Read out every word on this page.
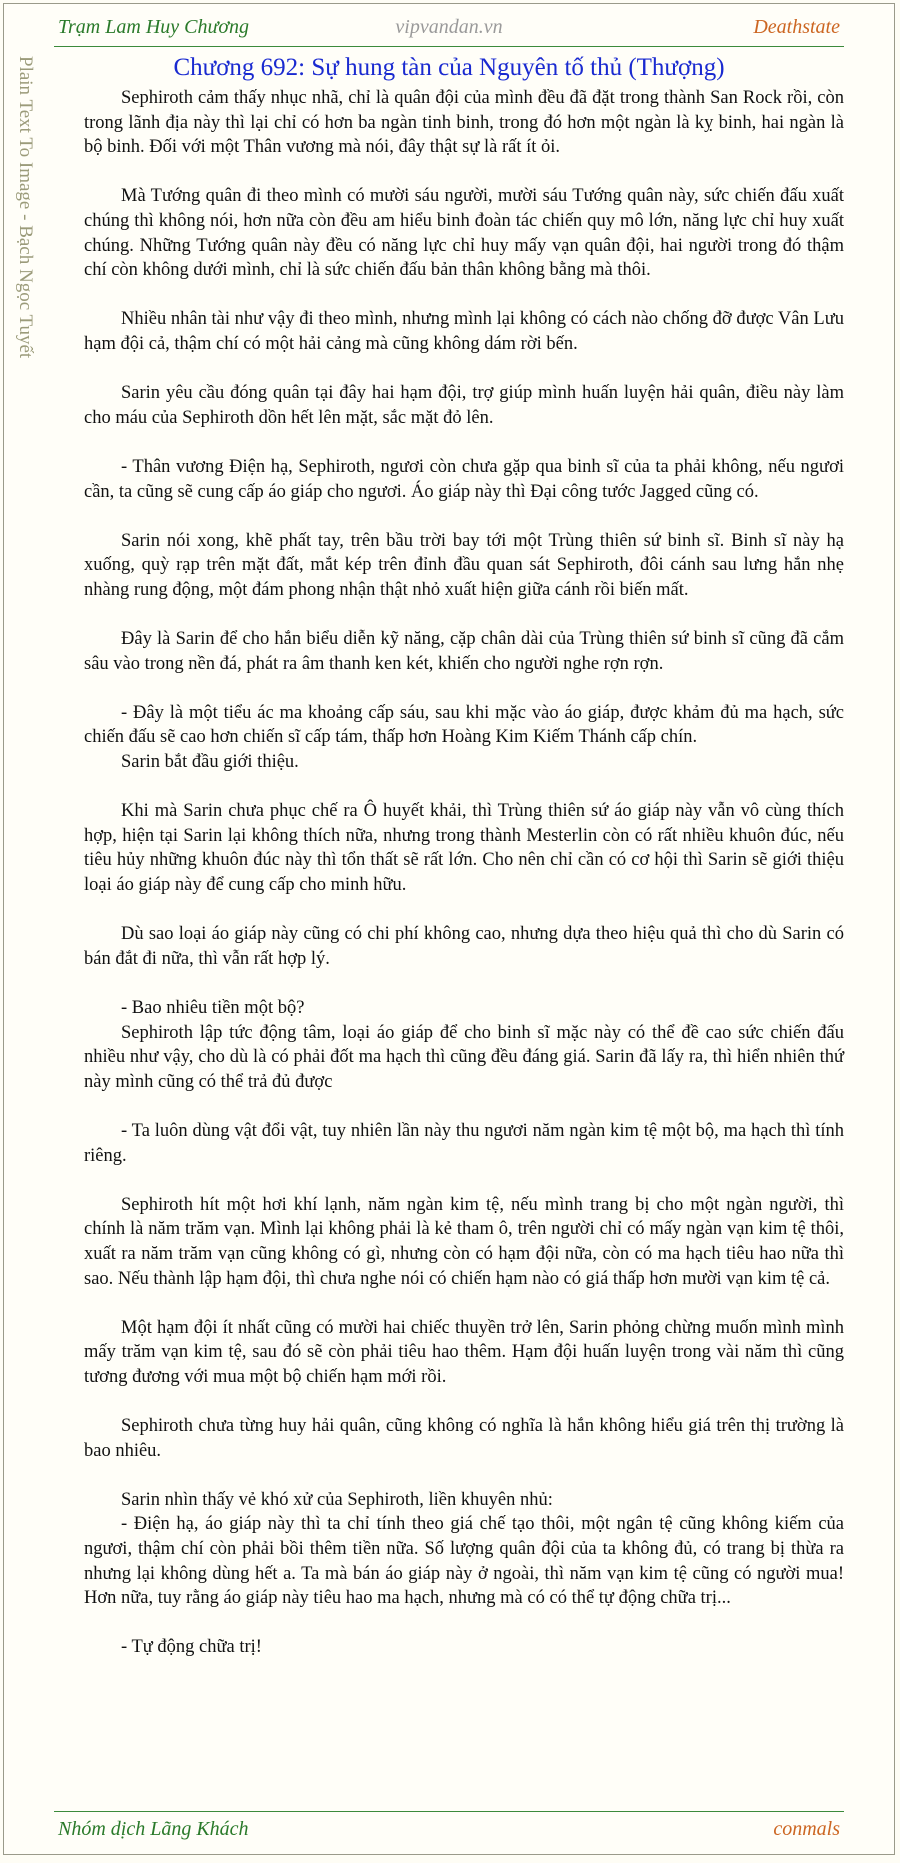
Trạm Lam Huy Chương	vipvandan.vn	Deathstate
Plain Text To Image - Bạch Ngọc Tuyết	Chương 692: Sự hung tàn của Nguyên tố thủ (Thượng)

  Sephiroth cảm thấy nhục nhã, chỉ là quân đội của mình đều đã đặt trong thành San Rock rồi, còn trong lãnh địa này thì lại chỉ có hơn ba ngàn tinh binh, trong đó hơn một ngàn là kỵ binh, hai ngàn là bộ binh. Đối với một Thân vương mà nói, đây thật sự là rất ít ỏi.

  Mà Tướng quân đi theo mình có mười sáu người, mười sáu Tướng quân này, sức chiến đấu xuất chúng thì không nói, hơn nữa còn đều am hiểu binh đoàn tác chiến quy mô lớn, năng lực chỉ huy xuất chúng. Những Tướng quân này đều có năng lực chỉ huy mấy vạn quân đội, hai người trong đó thậm chí còn không dưới mình, chỉ là sức chiến đấu bản thân không bằng mà thôi.

  Nhiều nhân tài như vậy đi theo mình, nhưng mình lại không có cách nào chống đỡ được Vân Lưu hạm đội cả, thậm chí có một hải cảng mà cũng không dám rời bến.

  Sarin yêu cầu đóng quân tại đây hai hạm đội, trợ giúp mình huấn luyện hải quân, điều này làm cho máu của Sephiroth dồn hết lên mặt, sắc mặt đỏ lên.

  - Thân vương Điện hạ, Sephiroth, ngươi còn chưa gặp qua binh sĩ của ta phải không, nếu ngươi cần, ta cũng sẽ cung cấp áo giáp cho ngươi. Áo giáp này thì Đại công tước Jagged cũng có.

  Sarin nói xong, khẽ phất tay, trên bầu trời bay tới một Trùng thiên sứ binh sĩ. Binh sĩ này hạ xuống, quỳ rạp trên mặt đất, mắt kép trên đỉnh đầu quan sát Sephiroth, đôi cánh sau lưng hắn nhẹ nhàng rung động, một đám phong nhận thật nhỏ xuất hiện giữa cánh rồi biến mất.

  Đây là Sarin để cho hắn biểu diễn kỹ năng, cặp chân dài của Trùng thiên sứ binh sĩ cũng đã cắm sâu vào trong nền đá, phát ra âm thanh ken két, khiến cho người nghe rợn rợn.

  - Đây là một tiểu ác ma khoảng cấp sáu, sau khi mặc vào áo giáp, được khảm đủ ma hạch, sức chiến đấu sẽ cao hơn chiến sĩ cấp tám, thấp hơn Hoàng Kim Kiếm Thánh cấp chín.

  Sarin bắt đầu giới thiệu.

  Khi mà Sarin chưa phục chế ra Ô huyết khải, thì Trùng thiên sứ áo giáp này vẫn vô cùng thích hợp, hiện tại Sarin lại không thích nữa, nhưng trong thành Mesterlin còn có rất nhiều khuôn đúc, nếu tiêu hủy những khuôn đúc này thì tổn thất sẽ rất lớn. Cho nên chỉ cần có cơ hội thì Sarin sẽ giới thiệu loại áo giáp này để cung cấp cho minh hữu.

  Dù sao loại áo giáp này cũng có chi phí không cao, nhưng dựa theo hiệu quả thì cho dù Sarin có bán đắt đi nữa, thì vẫn rất hợp lý.

  - Bao nhiêu tiền một bộ?

  Sephiroth lập tức động tâm, loại áo giáp để cho binh sĩ mặc này có thể đề cao sức chiến đấu nhiều như vậy, cho dù là có phải đốt ma hạch thì cũng đều đáng giá. Sarin đã lấy ra, thì hiển nhiên thứ này mình cũng có thể trả đủ được

  - Ta luôn dùng vật đổi vật, tuy nhiên lần này thu ngươi năm ngàn kim tệ một bộ, ma hạch thì tính riêng.

  Sephiroth hít một hơi khí lạnh, năm ngàn kim tệ, nếu mình trang bị cho một ngàn người, thì chính là năm trăm vạn. Mình lại không phải là kẻ tham ô, trên người chỉ có mấy ngàn vạn kim tệ thôi, xuất ra năm trăm vạn cũng không có gì, nhưng còn có hạm đội nữa, còn có ma hạch tiêu hao nữa thì sao. Nếu thành lập hạm đội, thì chưa nghe nói có chiến hạm nào có giá thấp hơn mười vạn kim tệ cả.

  Một hạm đội ít nhất cũng có mười hai chiếc thuyền trở lên, Sarin phỏng chừng muốn mình mình mấy trăm vạn kim tệ, sau đó sẽ còn phải tiêu hao thêm. Hạm đội huấn luyện trong vài năm thì cũng tương đương với mua một bộ chiến hạm mới rồi.

  Sephiroth chưa từng huy hải quân, cũng không có nghĩa là hắn không hiểu giá trên thị trường là bao nhiêu.

  Sarin nhìn thấy vẻ khó xử của Sephiroth, liền khuyên nhủ:

  - Điện hạ, áo giáp này thì ta chỉ tính theo giá chế tạo thôi, một ngân tệ cũng không kiếm của ngươi, thậm chí còn phải bồi thêm tiền nữa. Số lượng quân đội của ta không đủ, có trang bị thừa ra nhưng lại không dùng hết a. Ta mà bán áo giáp này ở ngoài, thì năm vạn kim tệ cũng có người mua! Hơn nữa, tuy rằng áo giáp này tiêu hao ma hạch, nhưng mà có có thể tự động chữa trị...

  - Tự động chữa trị!

Nhóm dịch Lãng Khách	conmals
